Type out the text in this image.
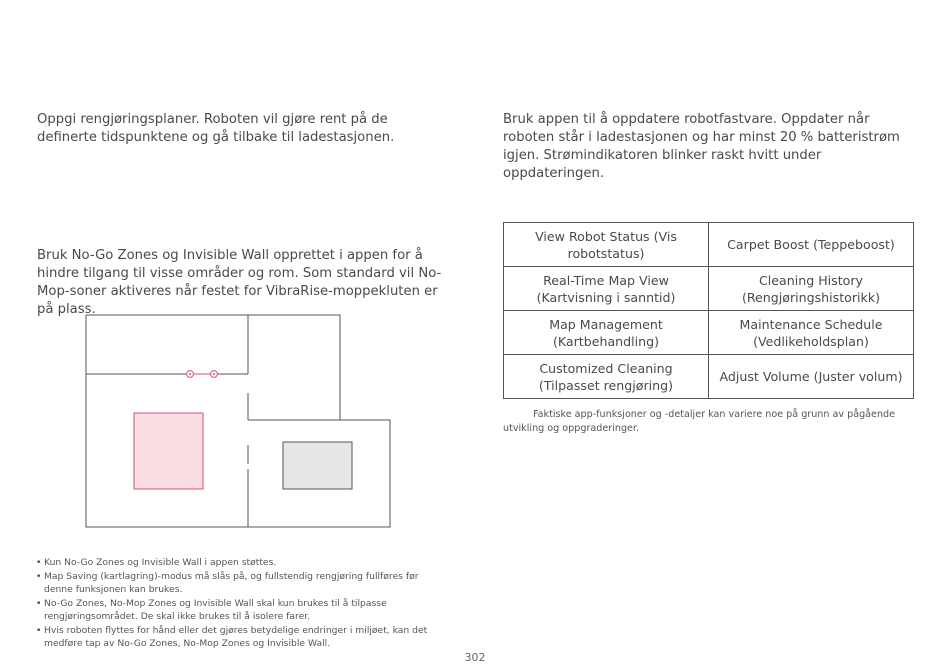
Oppgi rengjøringsplaner. Roboten vil gjøre rent på de definerte tidspunktene og gå tilbake til ladestasjonen.

Bruk No-Go Zones og Invisible Wall opprettet i appen for å hindre tilgang til visse områder og rom. Som standard vil No-Mop-soner aktiveres når festet for VibraRise-moppekluten er på plass.

Bruk appen til å oppdatere robotfastvare. Oppdater når roboten står i ladestasjonen og har minst 20 % batteristrøm igjen. Strømindikatoren blinker raskt hvitt under oppdateringen.

View Robot Status (Vis robotstatus)	Carpet Boost (Teppeboost)
Real-Time Map View (Kartvisning i sanntid)	Cleaning History (Rengjøringshistorikk)
Map Management (Kartbehandling)	Maintenance Schedule (Vedlikeholdsplan)
Customized Cleaning (Tilpasset rengjøring)	Adjust Volume (Juster volum)

Faktiske app-funksjoner og -detaljer kan variere noe på grunn av pågående utvikling og oppgraderinger.

• Kun No-Go Zones og Invisible Wall i appen støttes.
• Map Saving (kartlagring)-modus må slås på, og fullstendig rengjøring fullføres før denne funksjonen kan brukes.
• No-Go Zones, No-Mop Zones og Invisible Wall skal kun brukes til å tilpasse rengjøringsområdet. De skal ikke brukes til å isolere farer.
• Hvis roboten flyttes for hånd eller det gjøres betydelige endringer i miljøet, kan det medføre tap av No-Go Zones, No-Mop Zones og Invisible Wall.
302
